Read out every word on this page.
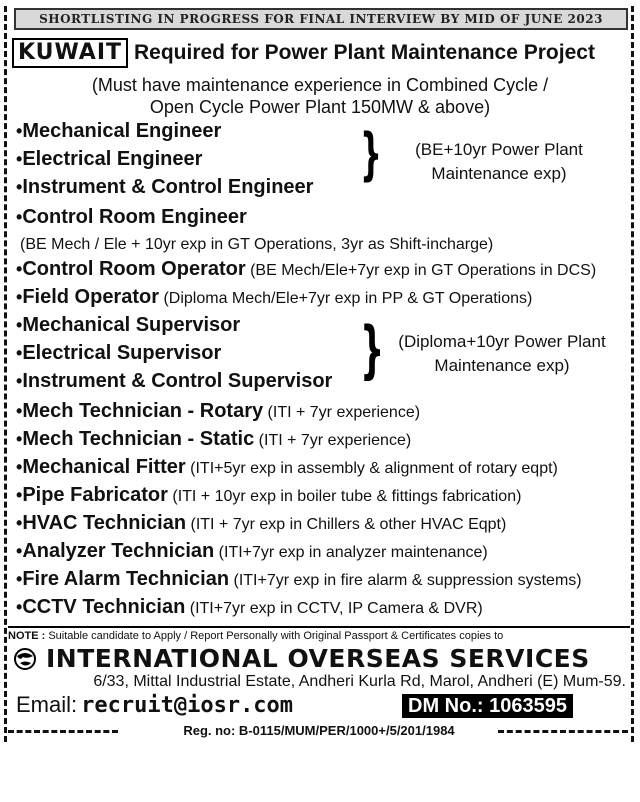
SHORTLISTING IN PROGRESS FOR FINAL INTERVIEW BY MID OF JUNE 2023
KUWAIT Required for Power Plant Maintenance Project
(Must have maintenance experience in Combined Cycle /
Open Cycle Power Plant 150MW & above)
•Mechanical Engineer
•Electrical Engineer
•Instrument & Control Engineer
•Control Room Engineer
•Control Room Operator (BE Mech/Ele+7yr exp in GT Operations in DCS)
•Field Operator (Diploma Mech/Ele+7yr exp in PP & GT Operations)
•Mechanical Supervisor
•Electrical Supervisor
•Instrument & Control Supervisor
•Mech Technician - Rotary (ITI + 7yr experience)
•Mech Technician - Static (ITI + 7yr experience)
•Mechanical Fitter (ITI+5yr exp in assembly & alignment of rotary eqpt)
•Pipe Fabricator (ITI + 10yr exp in boiler tube & fittings fabrication)
•HVAC Technician (ITI + 7yr exp in Chillers & other HVAC Eqpt)
•Analyzer Technician (ITI+7yr exp in analyzer maintenance)
•Fire Alarm Technician (ITI+7yr exp in fire alarm & suppression systems)
•CCTV Technician (ITI+7yr exp in CCTV, IP Camera & DVR)
(BE Mech / Ele + 10yr exp in GT Operations, 3yr as Shift-incharge)
}	(BE+10yr Power Plant
Maintenance exp)
} (Diploma+10yr Power Plant
Maintenance exp)
NOTE : Suitable candidate to Apply / Report Personally with Original Passport & Certificates copies to
INTERNATIONAL OVERSEAS SERVICES
6/33, Mittal Industrial Estate, Andheri Kurla Rd, Marol, Andheri (E) Mum-59.
Email: recruit@iosr.com	DM No.: 1063595
Reg. no: B-0115/MUM/PER/1000+/5/201/1984
